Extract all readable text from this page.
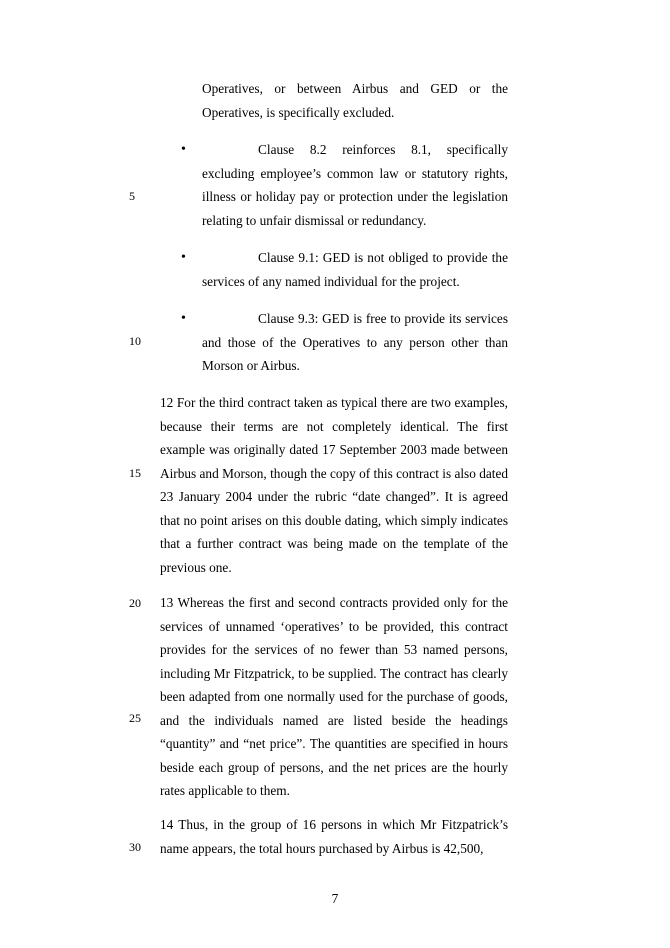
5
10
15
20
25
30

Operatives, or between Airbus and GED or the Operatives, is specifically excluded.

•	Clause 8.2 reinforces 8.1, specifically excluding employee’s common law or statutory rights, illness or holiday pay or protection under the legislation relating to unfair dismissal or redundancy.

•	Clause 9.1: GED is not obliged to provide the services of any named individual for the project.

•	Clause 9.3: GED is free to provide its services and those of the Operatives to any person other than Morson or Airbus.

12 For the third contract taken as typical there are two examples, because their terms are not completely identical. The first example was originally dated 17 September 2003 made between Airbus and Morson, though the copy of this contract is also dated 23 January 2004 under the rubric “date changed”. It is agreed that no point arises on this double dating, which simply indicates that a further contract was being made on the template of the previous one.

13 Whereas the first and second contracts provided only for the services of unnamed ‘operatives’ to be provided, this contract provides for the services of no fewer than 53 named persons, including Mr Fitzpatrick, to be supplied. The contract has clearly been adapted from one normally used for the purchase of goods, and the individuals named are listed beside the headings “quantity” and “net price”. The quantities are specified in hours beside each group of persons, and the net prices are the hourly rates applicable to them.

14 Thus, in the group of 16 persons in which Mr Fitzpatrick’s name appears, the total hours purchased by Airbus is 42,500,

7
